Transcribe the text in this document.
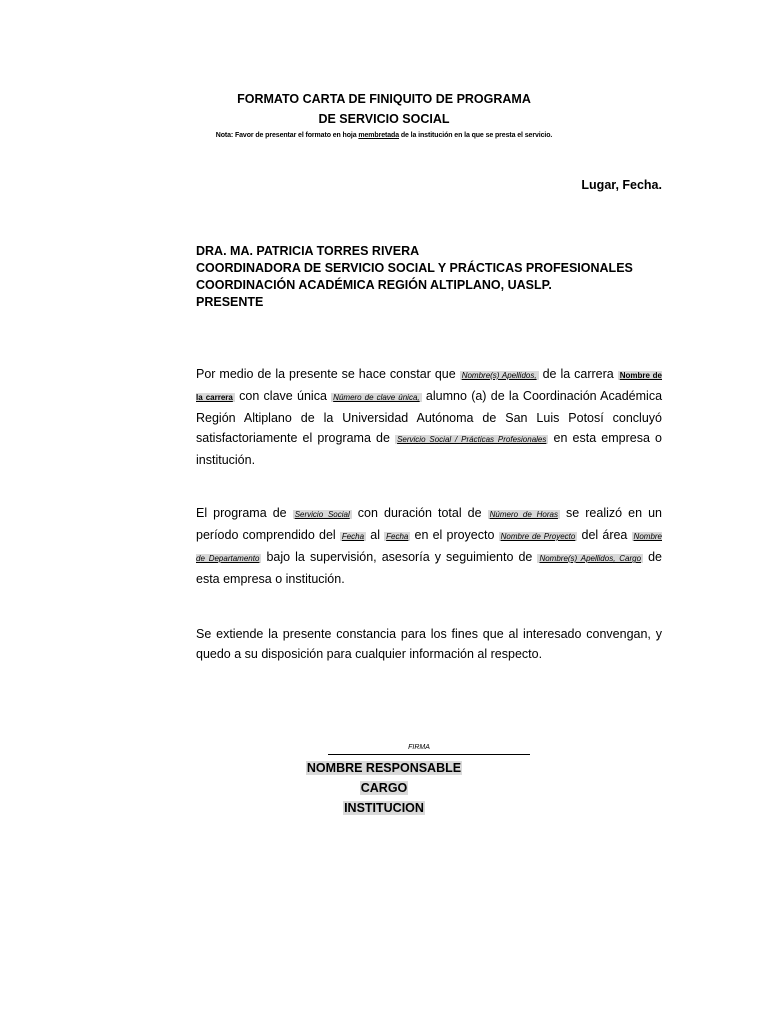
FORMATO CARTA DE FINIQUITO DE PROGRAMA
DE SERVICIO SOCIAL
Nota: Favor de presentar el formato en hoja membretada de la institución en la que se presta el servicio.
Lugar, Fecha.
DRA. MA. PATRICIA TORRES RIVERA
COORDINADORA DE SERVICIO SOCIAL Y PRÁCTICAS PROFESIONALES
COORDINACIÓN ACADÉMICA REGIÓN ALTIPLANO, UASLP.
PRESENTE
Por medio de la presente se hace constar que Nombre(s) Apellidos, de la carrera Nombre de la carrera con clave única Número de clave única, alumno (a) de la Coordinación Académica Región Altiplano de la Universidad Autónoma de San Luis Potosí concluyó satisfactoriamente el programa de Servicio Social / Prácticas Profesionales en esta empresa o institución.
El programa de Servicio Social con duración total de Número de Horas se realizó en un período comprendido del Fecha al Fecha en el proyecto Nombre de Proyecto del área Nombre de Departamento bajo la supervisión, asesoría y seguimiento de Nombre(s) Apellidos, Cargo de esta empresa o institución.
Se extiende la presente constancia para los fines que al interesado convengan, y quedo a su disposición para cualquier información al respecto.
FIRMA
NOMBRE RESPONSABLE
CARGO
INSTITUCION
